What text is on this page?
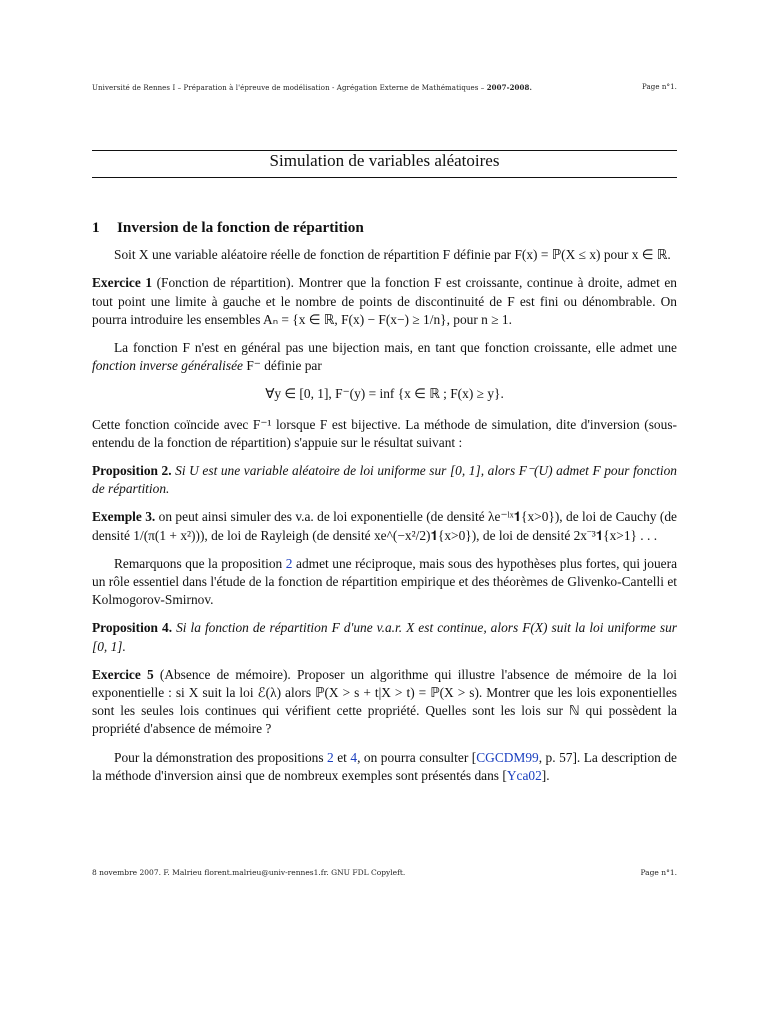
Université de Rennes I – Préparation à l'épreuve de modélisation - Agrégation Externe de Mathématiques – 2007-2008.	Page n°1.
Simulation de variables aléatoires
1 Inversion de la fonction de répartition

Soit X une variable aléatoire réelle de fonction de répartition F définie par F(x) = ℙ(X ≤ x) pour x ∈ ℝ.

Exercice 1 (Fonction de répartition). Montrer que la fonction F est croissante, continue à droite, admet en tout point une limite à gauche et le nombre de points de discontinuité de F est fini ou dénombrable. On pourra introduire les ensembles Aₙ = {x ∈ ℝ, F(x) − F(x−) ≥ 1/n}, pour n ≥ 1.

La fonction F n'est en général pas une bijection mais, en tant que fonction croissante, elle admet une fonction inverse généralisée F⁻ définie par

∀y ∈ [0, 1], F⁻(y) = inf {x ∈ ℝ ; F(x) ≥ y}.

Cette fonction coïncide avec F⁻¹ lorsque F est bijective. La méthode de simulation, dite d'inversion (sous-entendu de la fonction de répartition) s'appuie sur le résultat suivant :

Proposition 2. Si U est une variable aléatoire de loi uniforme sur [0, 1], alors F⁻(U) admet F pour fonction de répartition.

Exemple 3. on peut ainsi simuler des v.a. de loi exponentielle (de densité λe⁻ˡˣ𝟏{x>0}), de loi de Cauchy (de densité 1/(π(1 + x²))), de loi de Rayleigh (de densité xe^(−x²/2)𝟏{x>0}), de loi de densité 2x⁻³𝟏{x>1} . . .

Remarquons que la proposition 2 admet une réciproque, mais sous des hypothèses plus fortes, qui jouera un rôle essentiel dans l'étude de la fonction de répartition empirique et des théorèmes de Glivenko-Cantelli et Kolmogorov-Smirnov.

Proposition 4. Si la fonction de répartition F d'une v.a.r. X est continue, alors F(X) suit la loi uniforme sur [0, 1].

Exercice 5 (Absence de mémoire). Proposer un algorithme qui illustre l'absence de mémoire de la loi exponentielle : si X suit la loi ℰ(λ) alors ℙ(X > s + t|X > t) = ℙ(X > s). Montrer que les lois exponentielles sont les seules lois continues qui vérifient cette propriété. Quelles sont les lois sur ℕ qui possèdent la propriété d'absence de mémoire ?

Pour la démonstration des propositions 2 et 4, on pourra consulter [CGCDM99, p. 57]. La description de la méthode d'inversion ainsi que de nombreux exemples sont présentés dans [Yca02].

8 novembre 2007. F. Malrieu florent.malrieu@univ-rennes1.fr. GNU FDL Copyleft.	Page n°1.
